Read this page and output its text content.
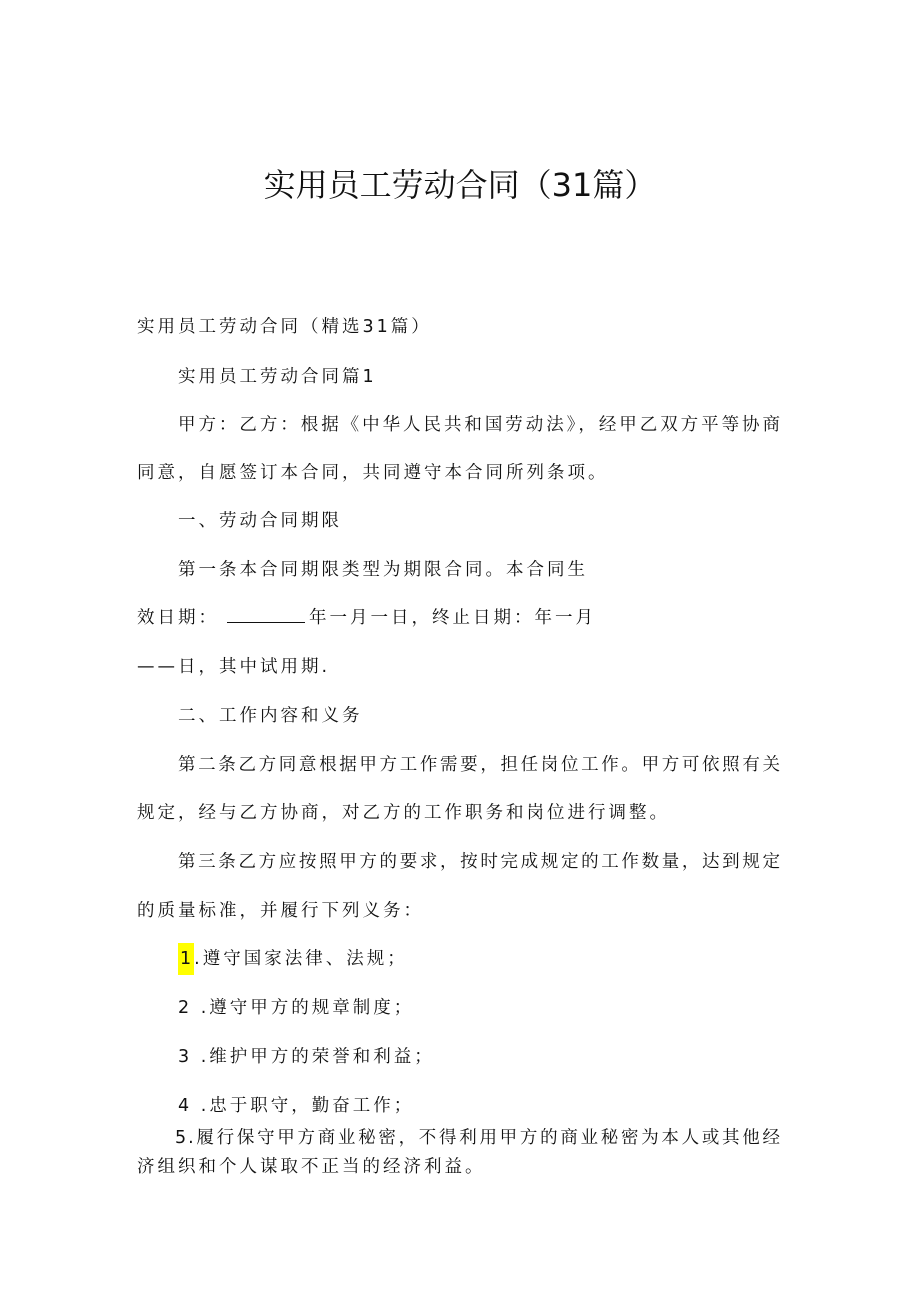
实用员工劳动合同（31篇）
实用员工劳动合同（精选31篇）
实用员工劳动合同篇1
甲方：乙方：根据《中华人民共和国劳动法》，经甲乙双方平等协商
同意，自愿签订本合同，共同遵守本合同所列条项。
一、劳动合同期限
第一条本合同期限类型为期限合同。本合同生
效日期：	年一月一日，终止日期：年一月
——日，其中试用期.
二、工作内容和义务
第二条乙方同意根据甲方工作需要，担任岗位工作。甲方可依照有关
规定，经与乙方协商，对乙方的工作职务和岗位进行调整。
第三条乙方应按照甲方的要求，按时完成规定的工作数量，达到规定
的质量标准，并履行下列义务：
1.遵守国家法律、法规；
2 .遵守甲方的规章制度；
3 .维护甲方的荣誉和利益；
4 .忠于职守，勤奋工作；
5.履行保守甲方商业秘密，不得利用甲方的商业秘密为本人或其他经
济组织和个人谋取不正当的经济利益。
